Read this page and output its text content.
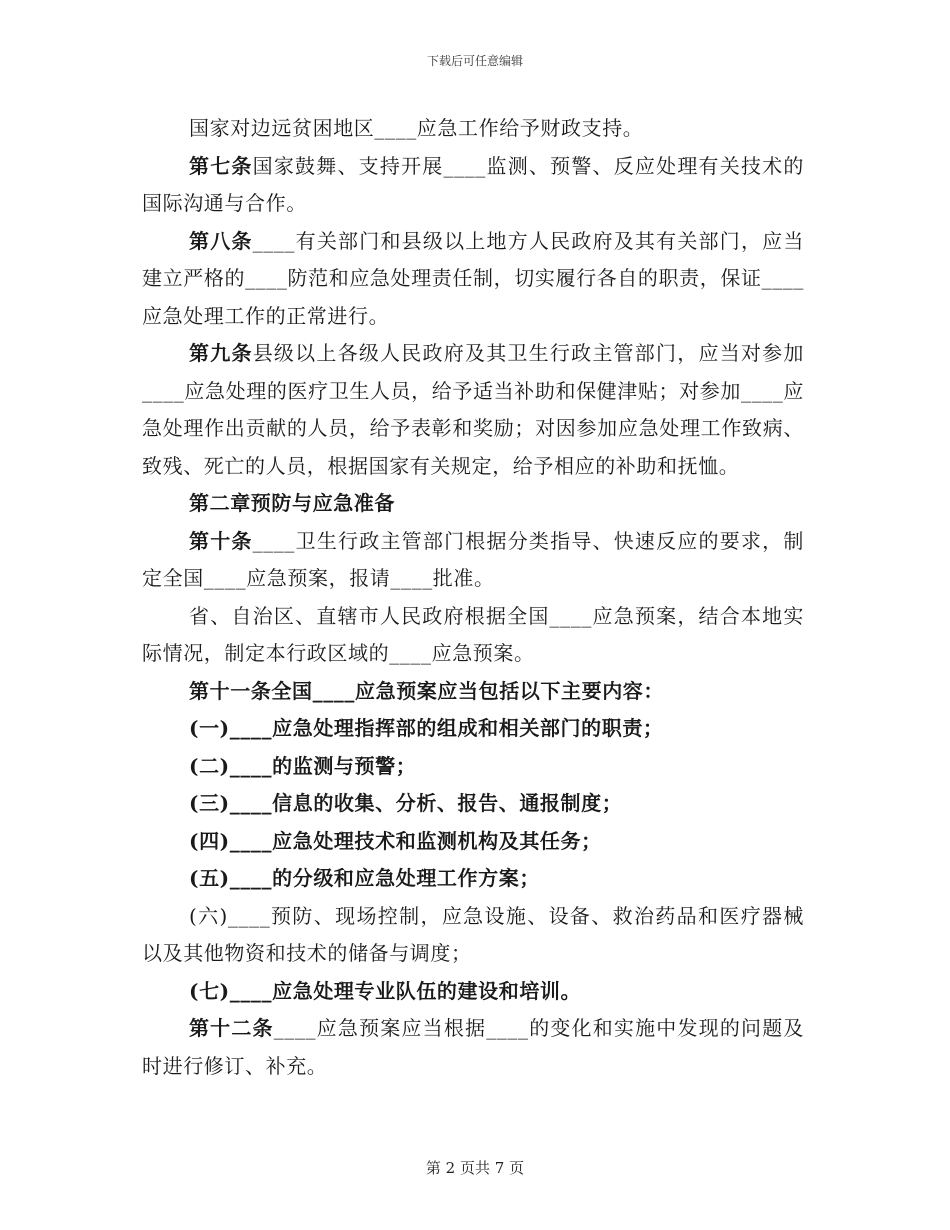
下载后可任意编辑

国家对边远贫困地区____应急工作给予财政支持。

第七条国家鼓舞、支持开展____监测、预警、反应处理有关技术的国际沟通与合作。

第八条____有关部门和县级以上地方人民政府及其有关部门，应当建立严格的____防范和应急处理责任制，切实履行各自的职责，保证____应急处理工作的正常进行。

第九条县级以上各级人民政府及其卫生行政主管部门，应当对参加____应急处理的医疗卫生人员，给予适当补助和保健津贴；对参加____应急处理作出贡献的人员，给予表彰和奖励；对因参加应急处理工作致病、致残、死亡的人员，根据国家有关规定，给予相应的补助和抚恤。

第二章预防与应急准备

第十条____卫生行政主管部门根据分类指导、快速反应的要求，制定全国____应急预案，报请____批准。

省、自治区、直辖市人民政府根据全国____应急预案，结合本地实际情况，制定本行政区域的____应急预案。

第十一条全国____应急预案应当包括以下主要内容：

(一)____应急处理指挥部的组成和相关部门的职责；

(二)____的监测与预警；

(三)____信息的收集、分析、报告、通报制度；

(四)____应急处理技术和监测机构及其任务；

(五)____的分级和应急处理工作方案；

(六)____预防、现场控制，应急设施、设备、救治药品和医疗器械以及其他物资和技术的储备与调度；

(七)____应急处理专业队伍的建设和培训。

第十二条____应急预案应当根据____的变化和实施中发现的问题及时进行修订、补充。

第 2 页共 7 页
